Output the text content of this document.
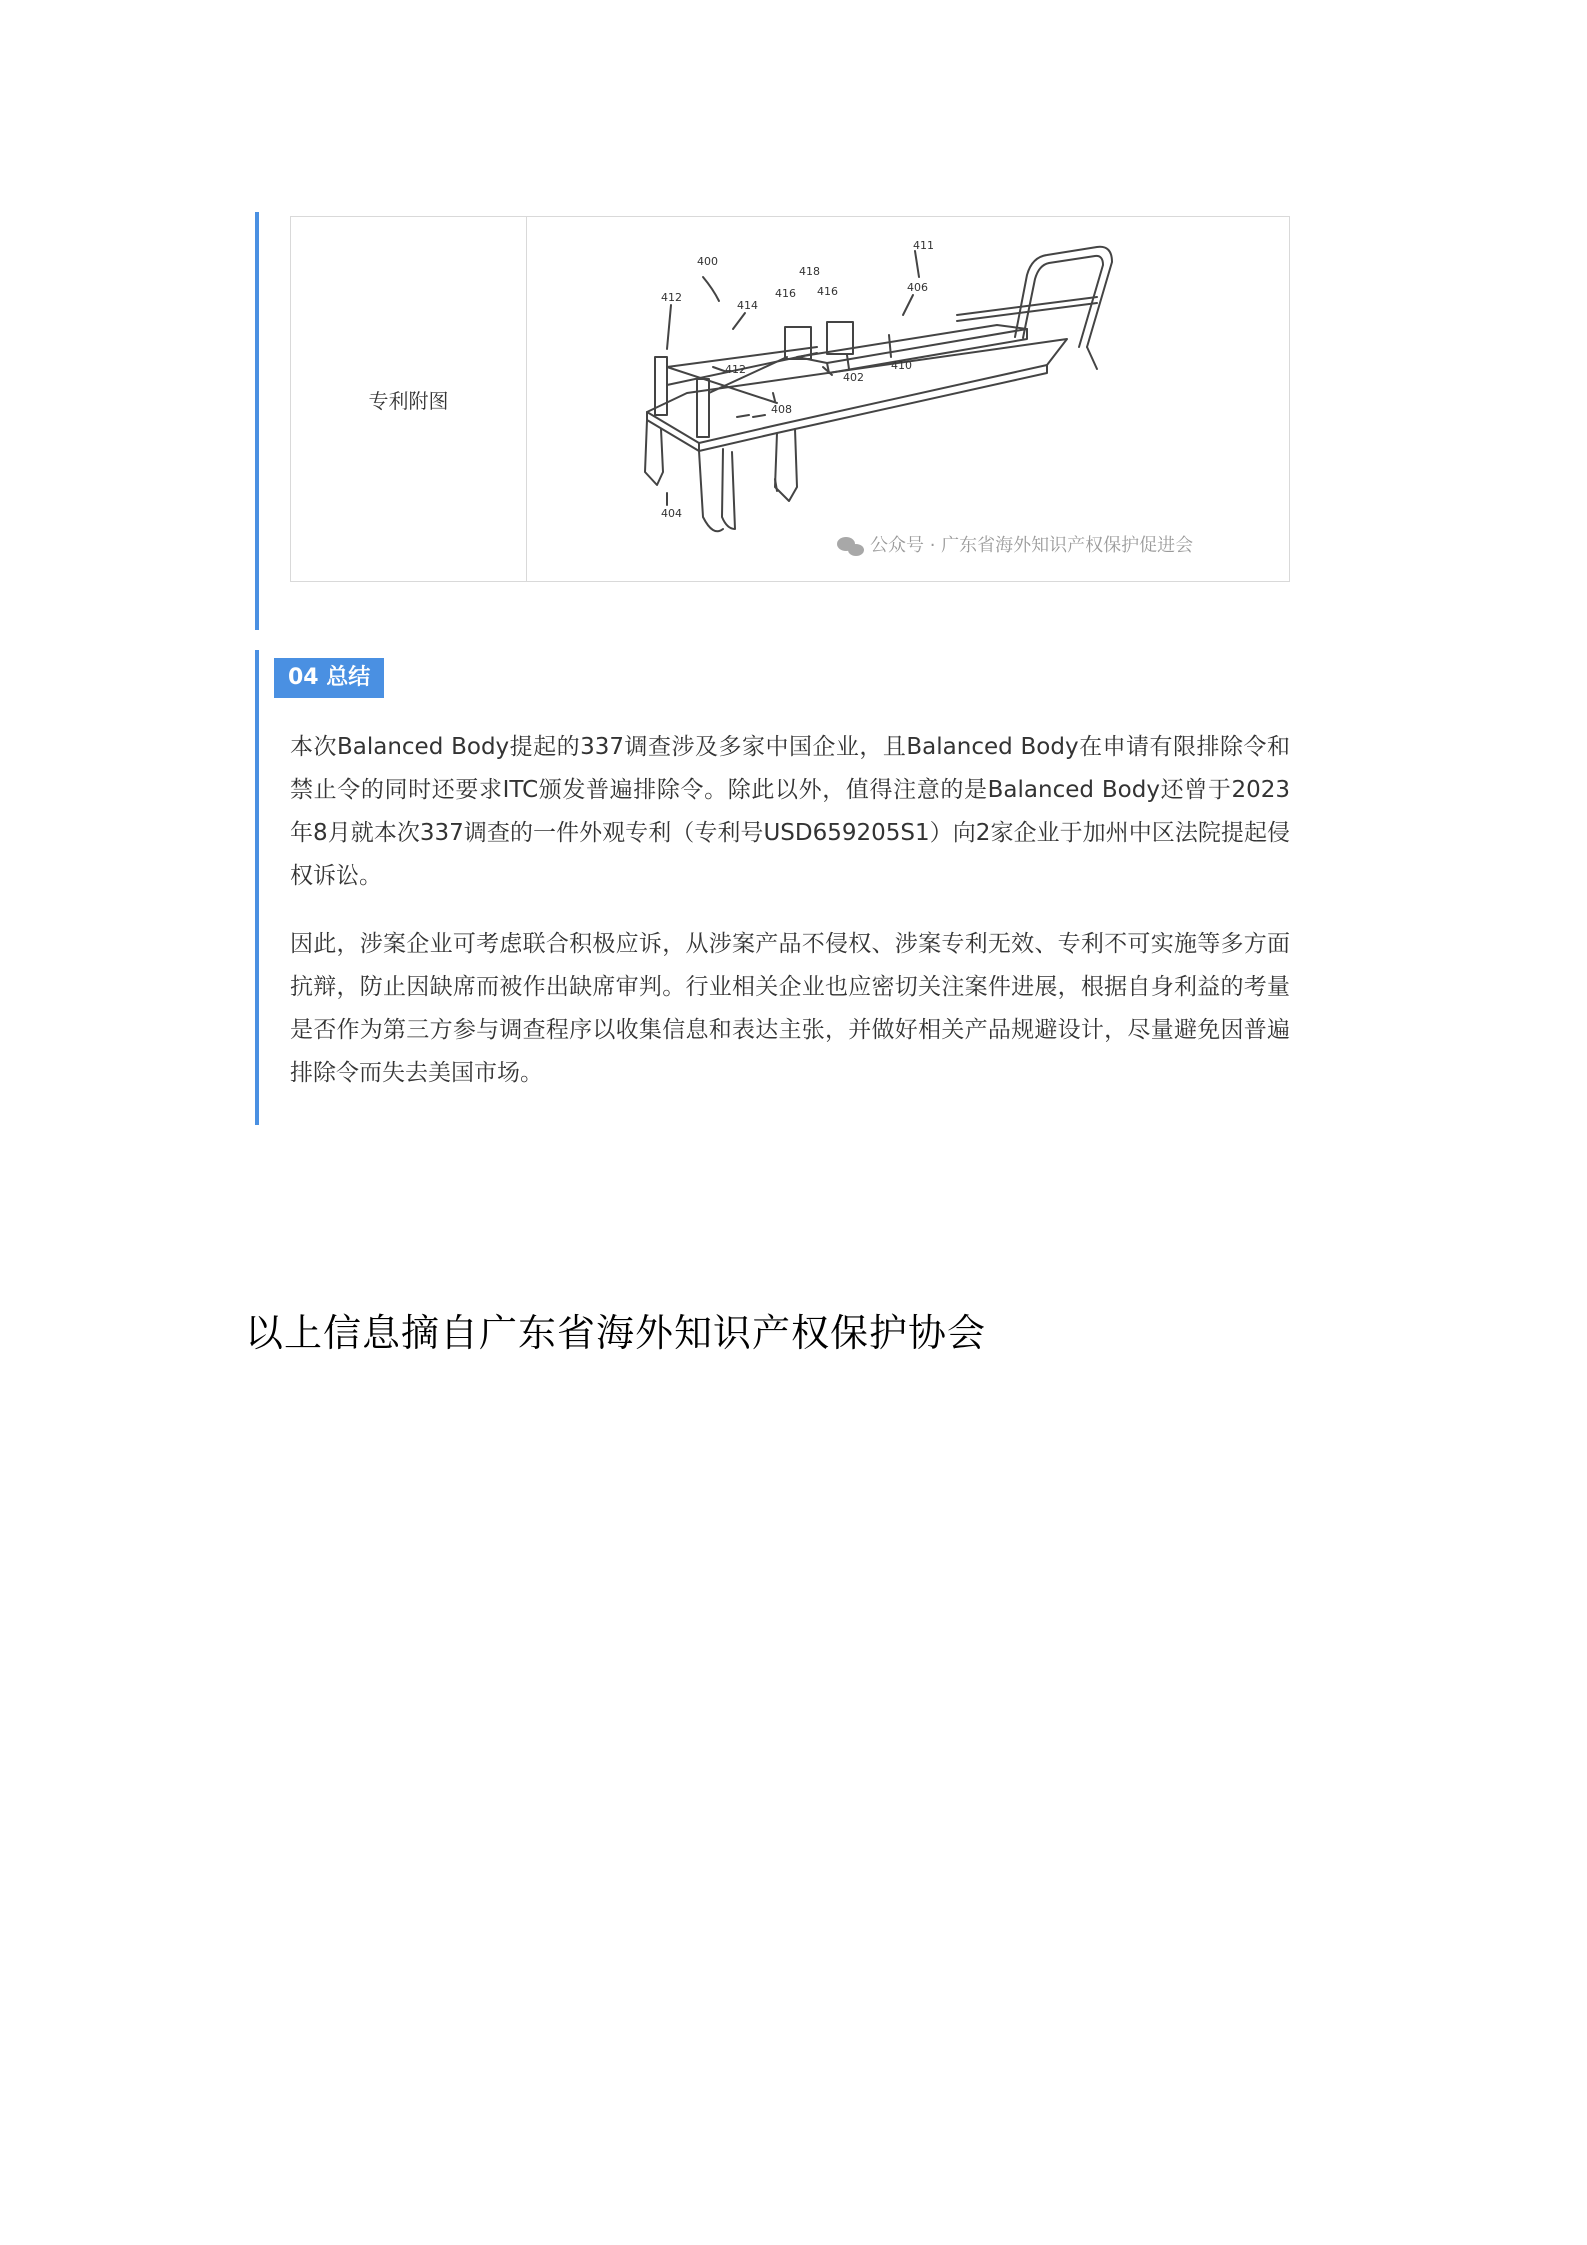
专利附图
400
411
406
418
416 416
412
414
410
402
412
408
404
公众号 · 广东省海外知识产权保护促进会
04 总结

本次Balanced Body提起的337调查涉及多家中国企业，且Balanced Body在申请有限排除令和禁止令的同时还要求ITC颁发普遍排除令。除此以外，值得注意的是Balanced Body还曾于2023年8月就本次337调查的一件外观专利（专利号USD659205S1）向2家企业于加州中区法院提起侵权诉讼。

因此，涉案企业可考虑联合积极应诉，从涉案产品不侵权、涉案专利无效、专利不可实施等多方面抗辩，防止因缺席而被作出缺席审判。行业相关企业也应密切关注案件进展，根据自身利益的考量是否作为第三方参与调查程序以收集信息和表达主张，并做好相关产品规避设计，尽量避免因普遍排除令而失去美国市场。

以上信息摘自广东省海外知识产权保护协会
